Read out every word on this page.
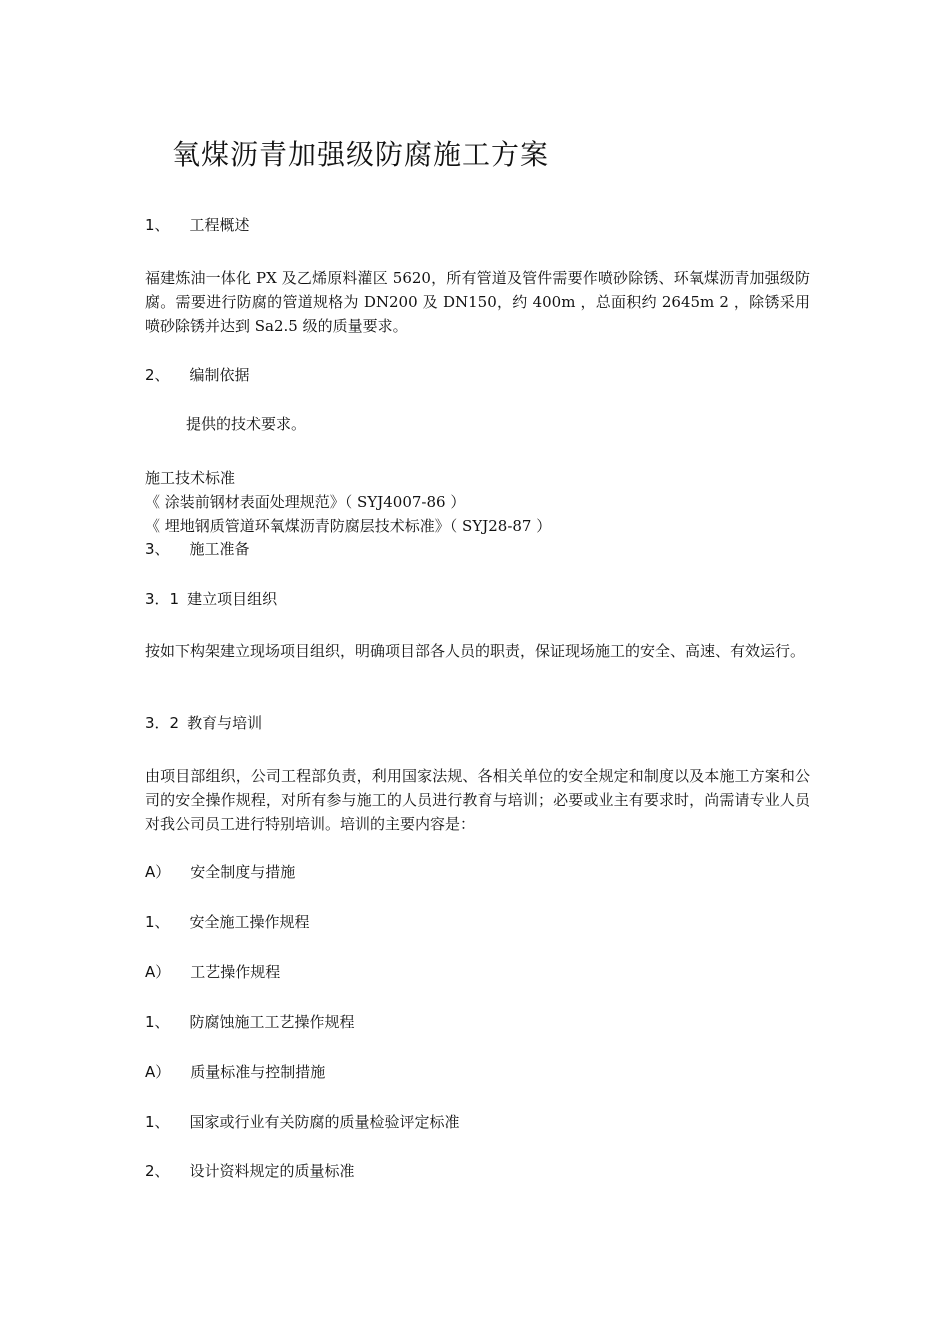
氧煤沥青加强级防腐施工方案
1、 工程概述
福建炼油一体化 PX 及乙烯原料灌区 5620，所有管道及管件需要作喷砂除锈、环氧煤沥青加强级防腐。需要进行防腐的管道规格为 DN200 及 DN150，约 400m ，总面积约 2645m 2 ，除锈采用喷砂除锈并达到 Sa2.5 级的质量要求。
2、 编制依据
提供的技术要求。
施工技术标准
《 涂装前钢材表面处理规范》（ SYJ4007-86 ）
《 埋地钢质管道环氧煤沥青防腐层技术标准》（ SYJ28-87 ）
3、 施工准备
3．1 建立项目组织
按如下构架建立现场项目组织，明确项目部各人员的职责，保证现场施工的安全、高速、有效运行。
3．2 教育与培训
由项目部组织，公司工程部负责，利用国家法规、各相关单位的安全规定和制度以及本施工方案和公司的安全操作规程，对所有参与施工的人员进行教育与培训；必要或业主有要求时，尚需请专业人员对我公司员工进行特别培训。培训的主要内容是：
A） 安全制度与措施
1、 安全施工操作规程
A） 工艺操作规程
1、 防腐蚀施工工艺操作规程
A） 质量标准与控制措施
1、 国家或行业有关防腐的质量检验评定标准
2、 设计资料规定的质量标准
